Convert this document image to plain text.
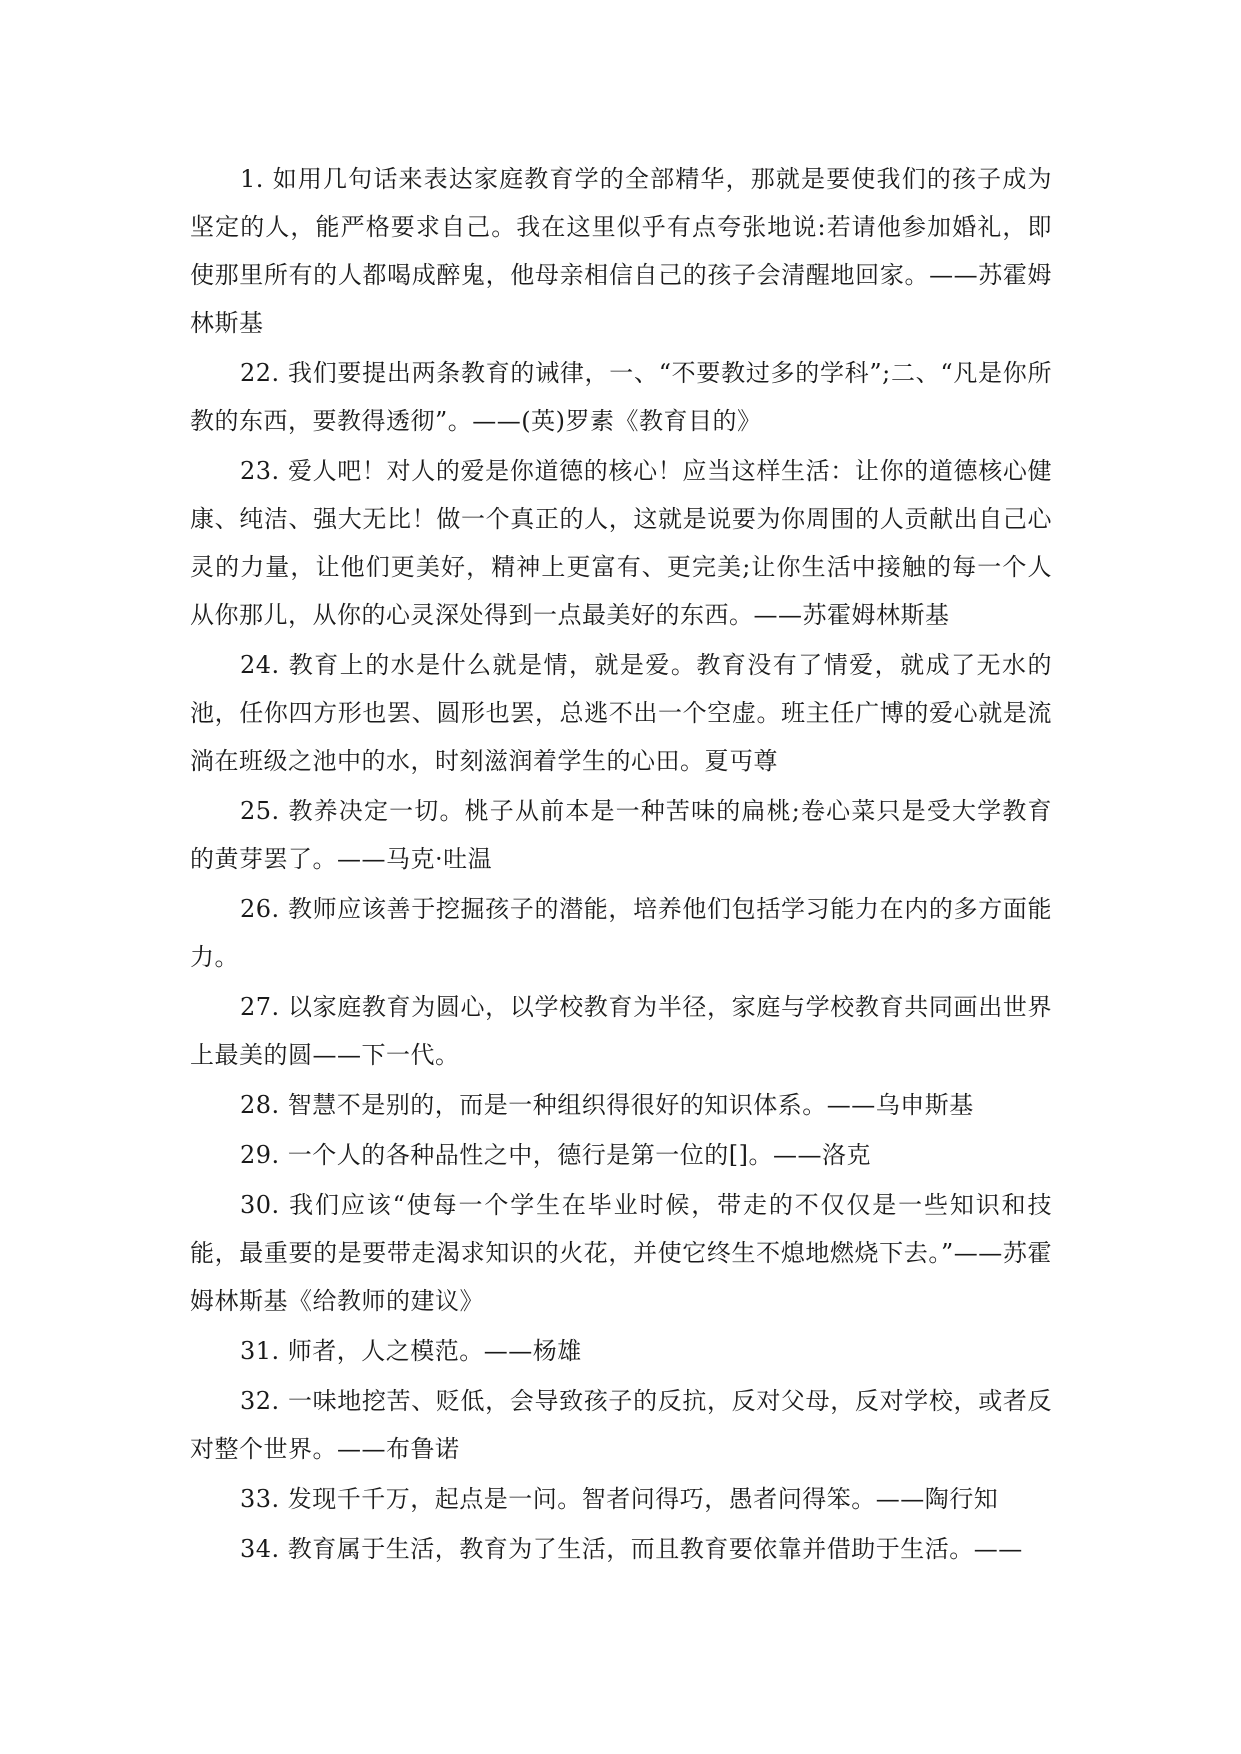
1. 如用几句话来表达家庭教育学的全部精华，那就是要使我们的孩子成为坚定的人，能严格要求自己。我在这里似乎有点夸张地说:若请他参加婚礼，即使那里所有的人都喝成醉鬼，他母亲相信自己的孩子会清醒地回家。——苏霍姆林斯基

22. 我们要提出两条教育的诫律，一、“不要教过多的学科”;二、“凡是你所教的东西，要教得透彻”。——(英)罗素《教育目的》

23. 爱人吧！对人的爱是你道德的核心！应当这样生活：让你的道德核心健康、纯洁、强大无比！做一个真正的人，这就是说要为你周围的人贡献出自己心灵的力量，让他们更美好，精神上更富有、更完美;让你生活中接触的每一个人从你那儿，从你的心灵深处得到一点最美好的东西。——苏霍姆林斯基

24. 教育上的水是什么就是情，就是爱。教育没有了情爱，就成了无水的池，任你四方形也罢、圆形也罢，总逃不出一个空虚。班主任广博的爱心就是流淌在班级之池中的水，时刻滋润着学生的心田。夏丏尊

25. 教养决定一切。桃子从前本是一种苦味的扁桃;卷心菜只是受大学教育的黄芽罢了。——马克·吐温

26. 教师应该善于挖掘孩子的潜能，培养他们包括学习能力在内的多方面能力。

27. 以家庭教育为圆心，以学校教育为半径，家庭与学校教育共同画出世界上最美的圆——下一代。

28. 智慧不是别的，而是一种组织得很好的知识体系。——乌申斯基

29. 一个人的各种品性之中，德行是第一位的[]。——洛克

30. 我们应该“使每一个学生在毕业时候，带走的不仅仅是一些知识和技能，最重要的是要带走渴求知识的火花，并使它终生不熄地燃烧下去。”——苏霍姆林斯基《给教师的建议》

31. 师者，人之模范。——杨雄

32. 一味地挖苦、贬低，会导致孩子的反抗，反对父母，反对学校，或者反对整个世界。——布鲁诺

33. 发现千千万，起点是一问。智者问得巧，愚者问得笨。——陶行知

34. 教育属于生活，教育为了生活，而且教育要依靠并借助于生活。——
